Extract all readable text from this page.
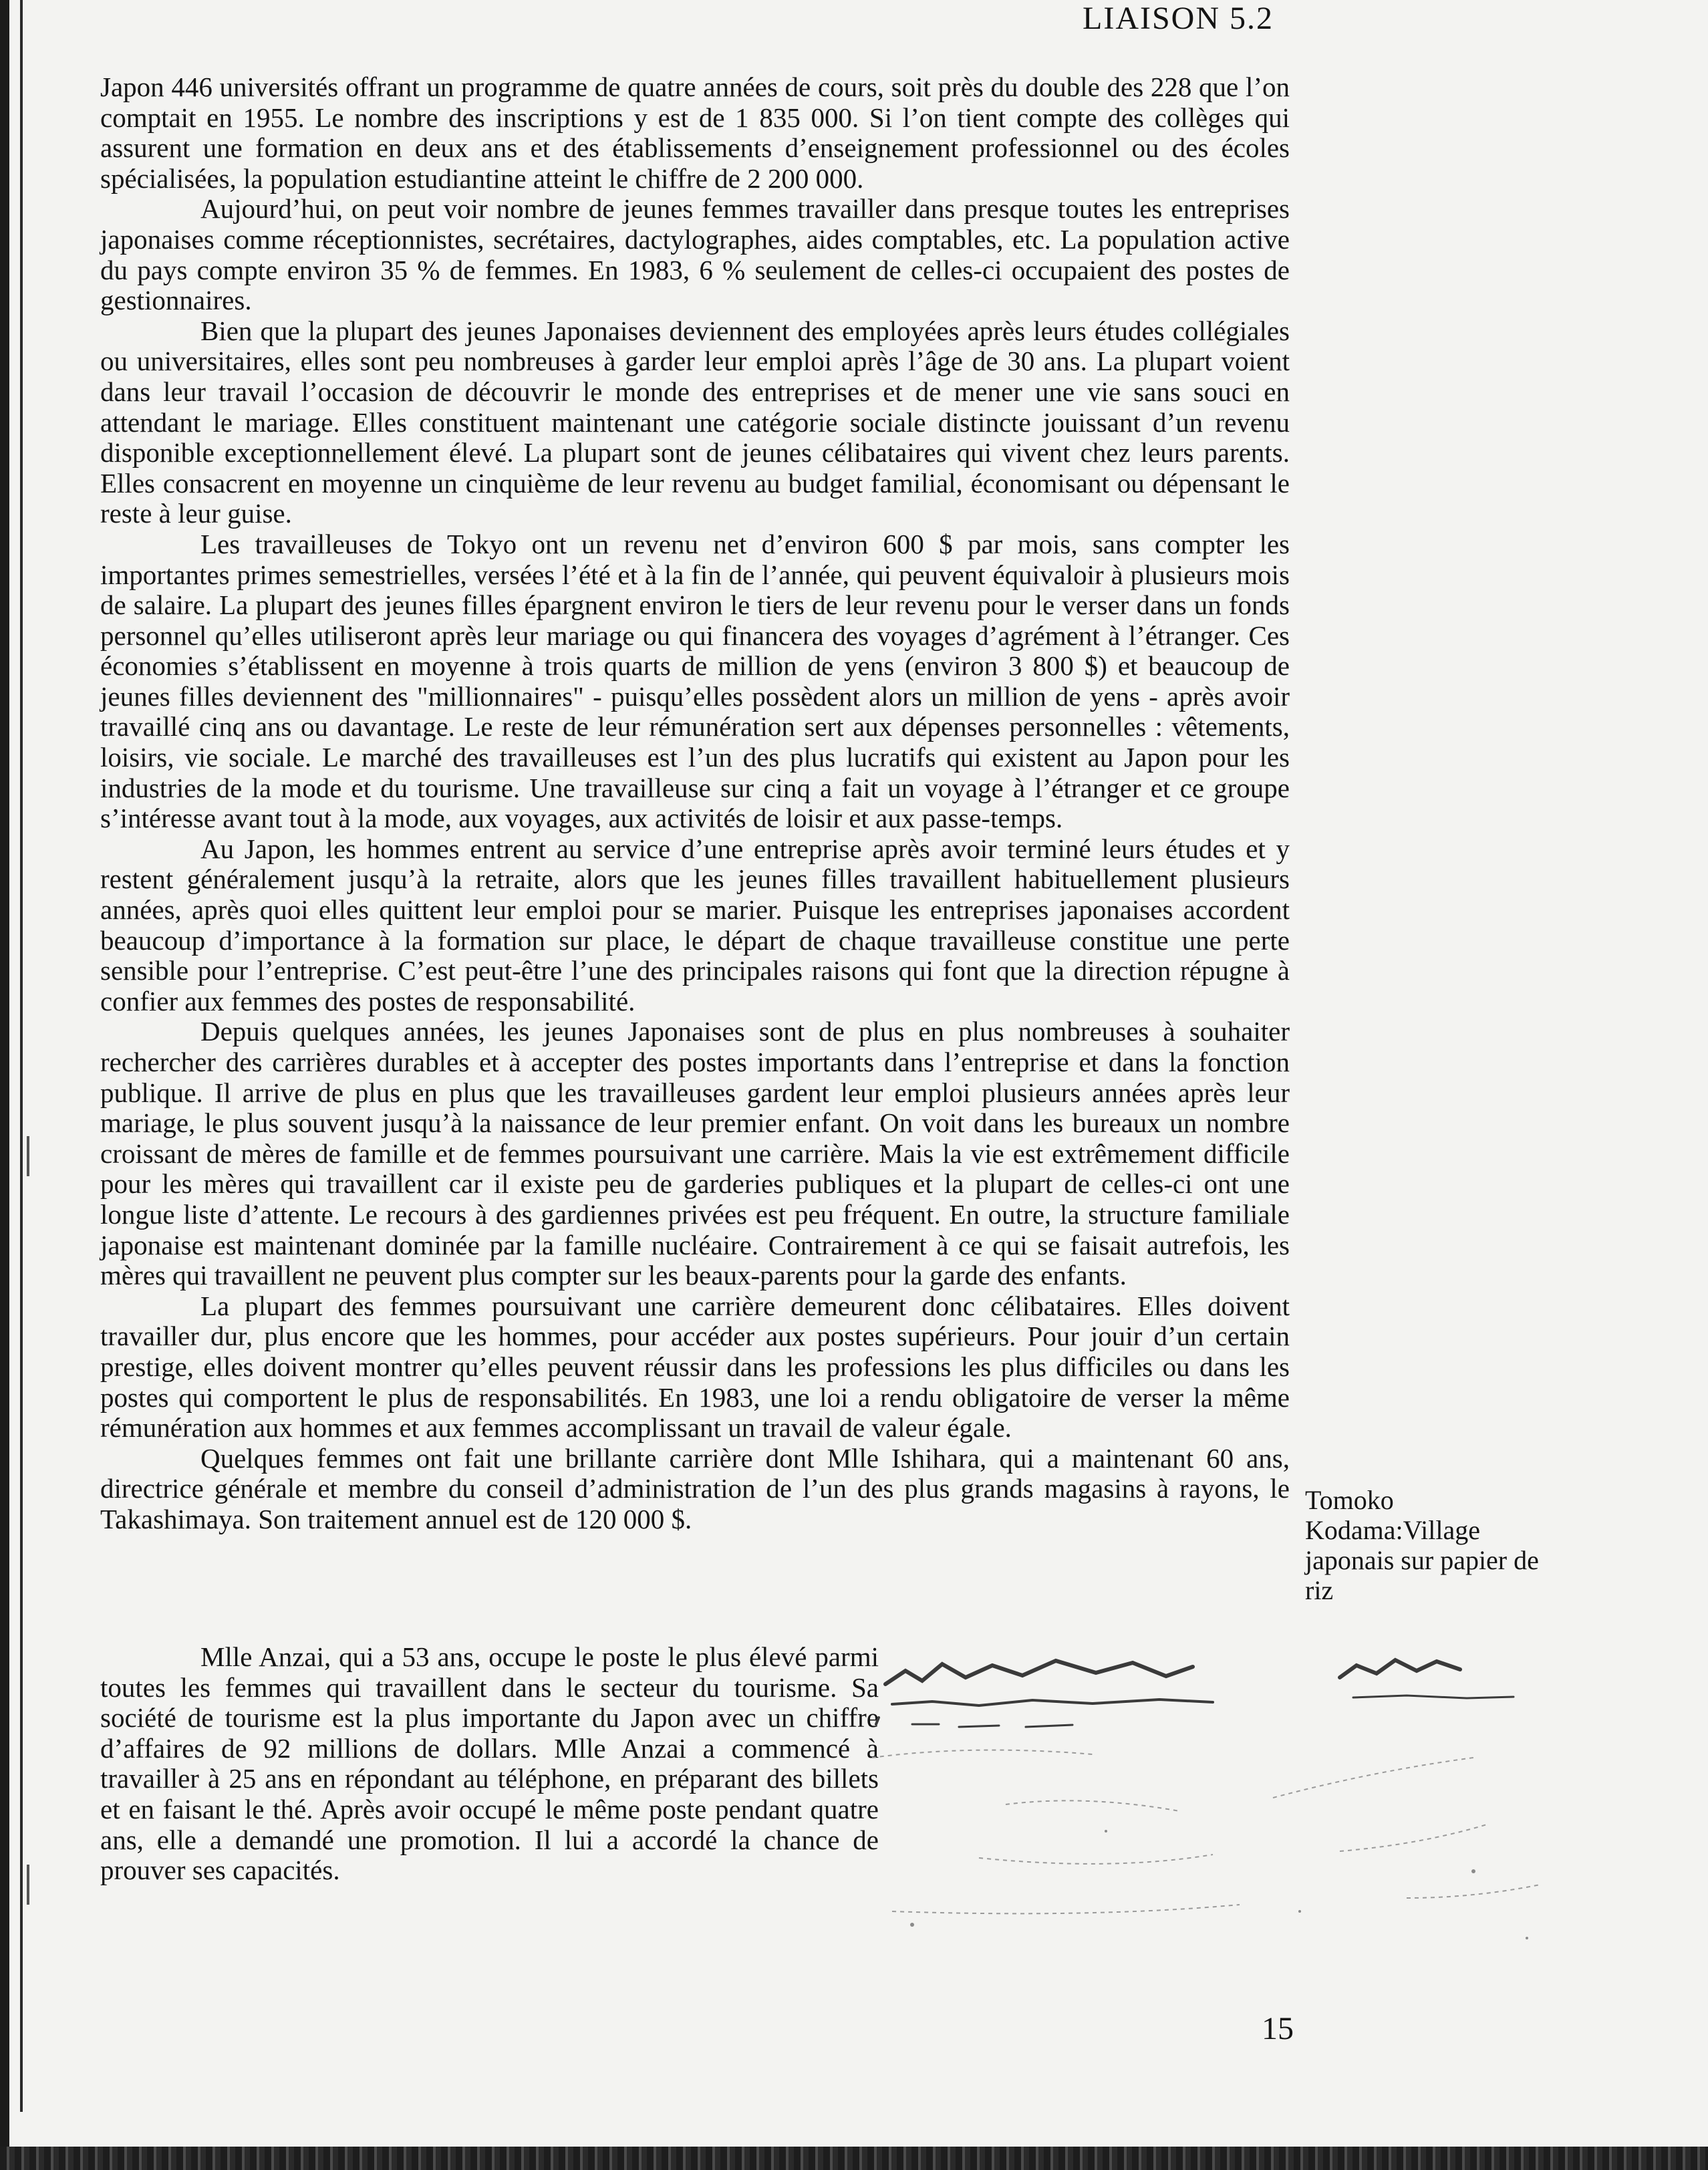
LIAISON 5.2

Japon 446 universités offrant un programme de quatre années de cours, soit près du double des 228 que l’on comptait en 1955. Le nombre des inscriptions y est de 1 835 000. Si l’on tient compte des collèges qui assurent une formation en deux ans et des établissements d’enseignement professionnel ou des écoles spécialisées, la population estudiantine atteint le chiffre de 2 200 000.

Aujourd’hui, on peut voir nombre de jeunes femmes travailler dans presque toutes les entreprises japonaises comme réceptionnistes, secrétaires, dactylographes, aides comptables, etc. La population active du pays compte environ 35 % de femmes. En 1983, 6 % seulement de celles-ci occupaient des postes de gestionnaires.

Bien que la plupart des jeunes Japonaises deviennent des employées après leurs études collégiales ou universitaires, elles sont peu nombreuses à garder leur emploi après l’âge de 30 ans. La plupart voient dans leur travail l’occasion de découvrir le monde des entreprises et de mener une vie sans souci en attendant le mariage. Elles constituent maintenant une catégorie sociale distincte jouissant d’un revenu disponible exceptionnellement élevé. La plupart sont de jeunes célibataires qui vivent chez leurs parents. Elles consacrent en moyenne un cinquième de leur revenu au budget familial, économisant ou dépensant le reste à leur guise.

Les travailleuses de Tokyo ont un revenu net d’environ 600 $ par mois, sans compter les importantes primes semestrielles, versées l’été et à la fin de l’année, qui peuvent équivaloir à plusieurs mois de salaire. La plupart des jeunes filles épargnent environ le tiers de leur revenu pour le verser dans un fonds personnel qu’elles utiliseront après leur mariage ou qui financera des voyages d’agrément à l’étranger. Ces économies s’établissent en moyenne à trois quarts de million de yens (environ 3 800 $) et beaucoup de jeunes filles deviennent des "millionnaires" - puisqu’elles possèdent alors un million de yens - après avoir travaillé cinq ans ou davantage. Le reste de leur rémunération sert aux dépenses personnelles : vêtements, loisirs, vie sociale. Le marché des travailleuses est l’un des plus lucratifs qui existent au Japon pour les industries de la mode et du tourisme. Une travailleuse sur cinq a fait un voyage à l’étranger et ce groupe s’intéresse avant tout à la mode, aux voyages, aux activités de loisir et aux passe-temps.

Au Japon, les hommes entrent au service d’une entreprise après avoir terminé leurs études et y restent généralement jusqu’à la retraite, alors que les jeunes filles travaillent habituellement plusieurs années, après quoi elles quittent leur emploi pour se marier. Puisque les entreprises japonaises accordent beaucoup d’importance à la formation sur place, le départ de chaque travailleuse constitue une perte sensible pour l’entreprise. C’est peut-être l’une des principales raisons qui font que la direction répugne à confier aux femmes des postes de responsabilité.

Depuis quelques années, les jeunes Japonaises sont de plus en plus nombreuses à souhaiter rechercher des carrières durables et à accepter des postes importants dans l’entreprise et dans la fonction publique. Il arrive de plus en plus que les travailleuses gardent leur emploi plusieurs années après leur mariage, le plus souvent jusqu’à la naissance de leur premier enfant. On voit dans les bureaux un nombre croissant de mères de famille et de femmes poursuivant une carrière. Mais la vie est extrêmement difficile pour les mères qui travaillent car il existe peu de garderies publiques et la plupart de celles-ci ont une longue liste d’attente. Le recours à des gardiennes privées est peu fréquent. En outre, la structure familiale japonaise est maintenant dominée par la famille nucléaire. Contrairement à ce qui se faisait autrefois, les mères qui travaillent ne peuvent plus compter sur les beaux-parents pour la garde des enfants.

La plupart des femmes poursuivant une carrière demeurent donc célibataires. Elles doivent travailler dur, plus encore que les hommes, pour accéder aux postes supérieurs. Pour jouir d’un certain prestige, elles doivent montrer qu’elles peuvent réussir dans les professions les plus difficiles ou dans les postes qui comportent le plus de responsabilités. En 1983, une loi a rendu obligatoire de verser la même rémunération aux hommes et aux femmes accomplissant un travail de valeur égale.

Quelques femmes ont fait une brillante carrière dont Mlle Ishihara, qui a maintenant 60 ans, directrice générale et membre du conseil d’administration de l’un des plus grands magasins à rayons, le Takashimaya. Son traitement annuel est de 120 000 $.

Mlle Anzai, qui a 53 ans, occupe le poste le plus élevé parmi toutes les femmes qui travaillent dans le secteur du tourisme. Sa société de tourisme est la plus importante du Japon avec un chiffre d’affaires de 92 millions de dollars. Mlle Anzai a commencé à travailler à 25 ans en répondant au téléphone, en préparant des billets et en faisant le thé. Après avoir occupé le même poste pendant quatre ans, elle a demandé une promotion. Il lui a accordé la chance de prouver ses capacités.

Tomoko Kodama:Village japonais sur papier de riz
15
